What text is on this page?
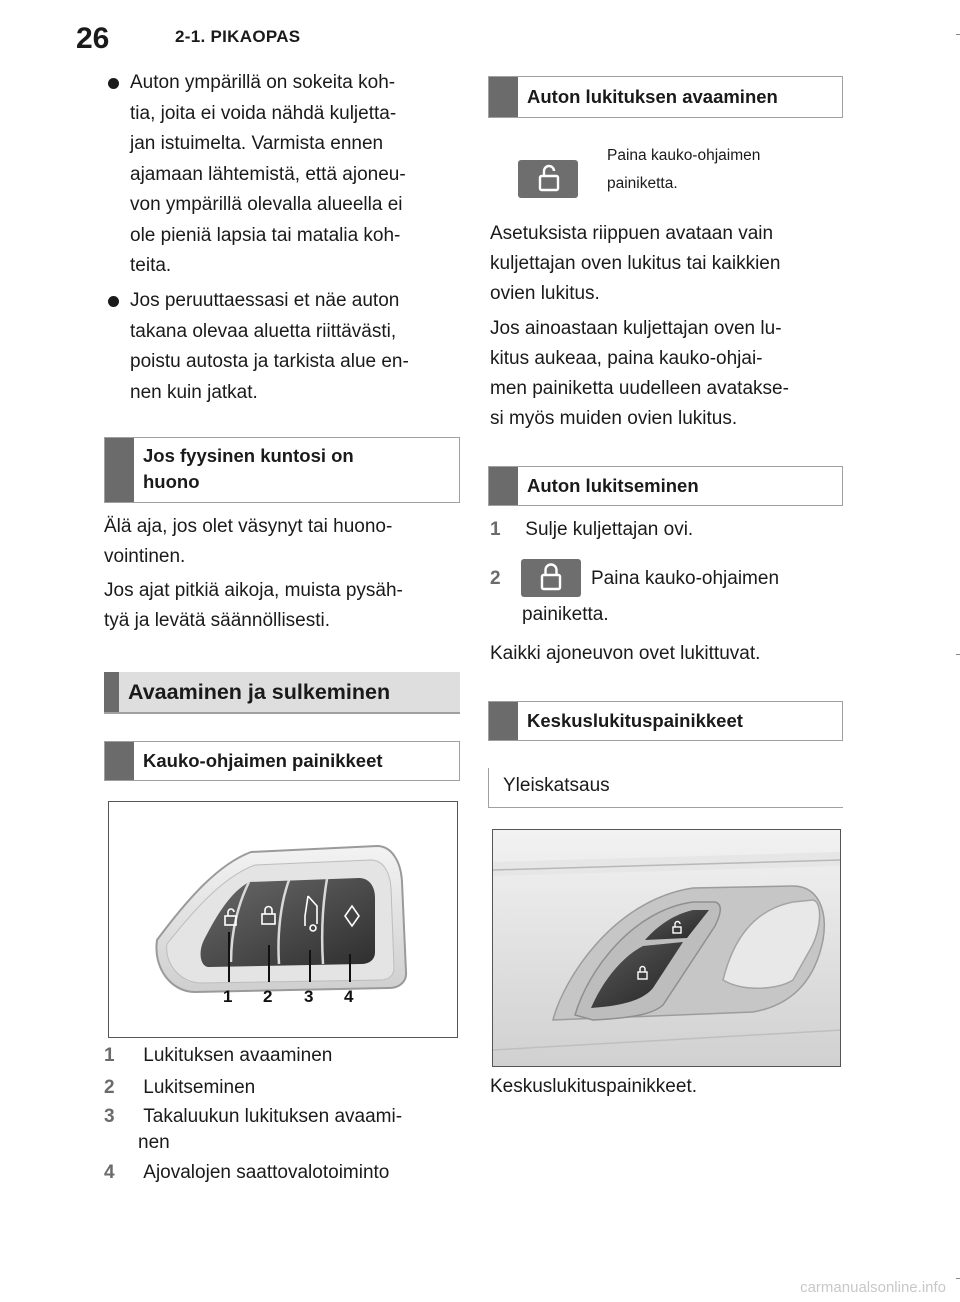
26	2-1. PIKAOPAS
Auton ympärillä on sokeita koh-
tia, joita ei voida nähdä kuljetta-
jan istuimelta. Varmista ennen
ajamaan lähtemistä, että ajoneu-
von ympärillä olevalla alueella ei
ole pieniä lapsia tai matalia koh-
teita.
Jos peruuttaessasi et näe auton
takana olevaa aluetta riittävästi,
poistu autosta ja tarkista alue en-
nen kuin jatkat.
Jos fyysinen kuntosi on
huono
Älä aja, jos olet väsynyt tai huono-
vointinen.
Jos ajat pitkiä aikoja, muista pysäh-
tyä ja levätä säännöllisesti.
Avaaminen ja sulkeminen
Kauko-ohjaimen painikkeet
1 2 3 4
1 Lukituksen avaaminen
2 Lukitseminen
3 Takaluukun lukituksen avaami-
nen
4 Ajovalojen saattovalotoiminto
Auton lukituksen avaaminen
Paina kauko-ohjaimen
painiketta.
Asetuksista riippuen avataan vain
kuljettajan oven lukitus tai kaikkien
ovien lukitus.
Jos ainoastaan kuljettajan oven lu-
kitus aukeaa, paina kauko-ohjai-
men painiketta uudelleen avatakse-
si myös muiden ovien lukitus.
Auton lukitseminen
1 Sulje kuljettajan ovi.
2	Paina kauko-ohjaimen
painiketta.
Kaikki ajoneuvon ovet lukittuvat.
Keskuslukituspainikkeet
Yleiskatsaus
Keskuslukituspainikkeet.
carmanualsonline.info
